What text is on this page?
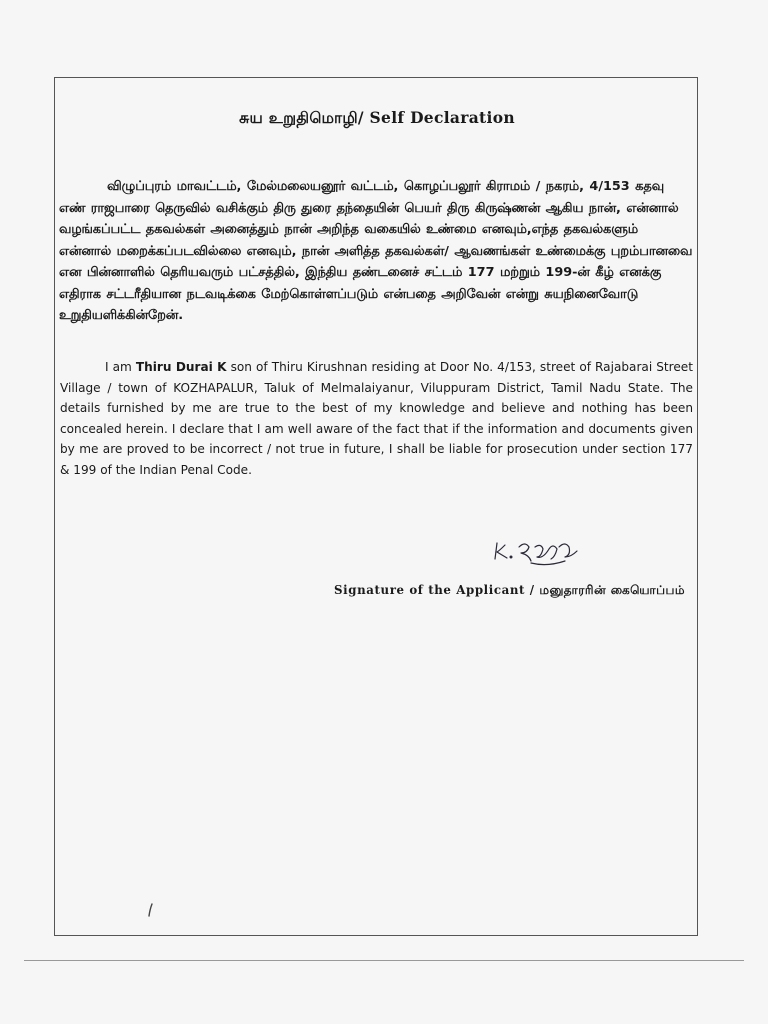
சுய உறுதிமொழி/ Self Declaration

விழுப்புரம் மாவட்டம், மேல்மலையனூர் வட்டம், கொழப்பலூர் கிராமம் / நகரம், 4/153 கதவு எண் ராஜபாரை தெருவில் வசிக்கும் திரு துரை தந்தையின் பெயர் திரு கிருஷ்ணன் ஆகிய நான், என்னால் வழங்கப்பட்ட தகவல்கள் அனைத்தும் நான் அறிந்த வகையில் உண்மை எனவும்,எந்த தகவல்களும் என்னால் மறைக்கப்படவில்லை எனவும், நான் அளித்த தகவல்கள்/ ஆவணங்கள் உண்மைக்கு புறம்பானவை என பின்னாளில் தெரியவரும் பட்சத்தில், இந்திய தண்டனைச் சட்டம் 177 மற்றும் 199-ன் கீழ் எனக்கு எதிராக சட்டரீதியான நடவடிக்கை மேற்கொள்ளப்படும் என்பதை அறிவேன் என்று சுயநினைவோடு உறுதியளிக்கின்றேன்.

I am Thiru Durai K son of Thiru Kirushnan residing at Door No. 4/153, street of Rajabarai Street Village / town of KOZHAPALUR, Taluk of Melmalaiyanur, Viluppuram District, Tamil Nadu State. The details furnished by me are true to the best of my knowledge and believe and nothing has been concealed herein. I declare that I am well aware of the fact that if the information and documents given by me are proved to be incorrect / not true in future, I shall be liable for prosecution under section 177 & 199 of the Indian Penal Code.

Signature of the Applicant / மனுதாரரின் கையொப்பம்
